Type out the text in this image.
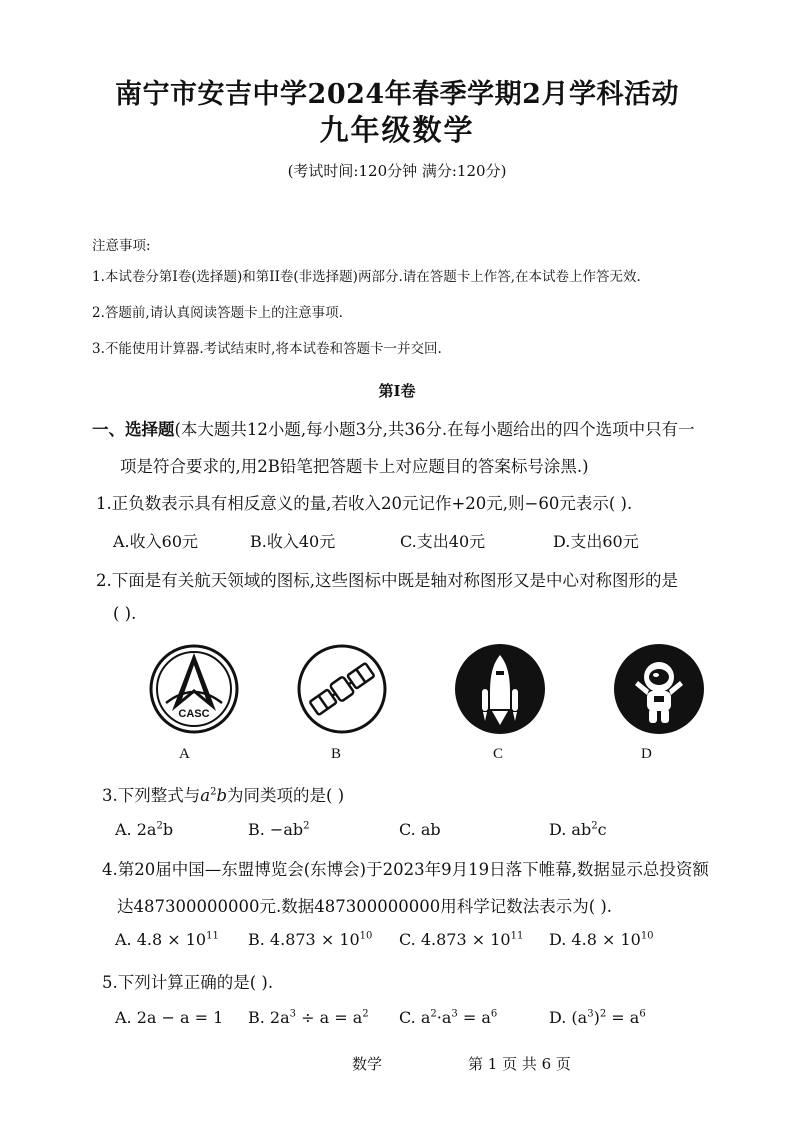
南宁市安吉中学2024年春季学期2月学科活动
九年级数学
(考试时间:120分钟 满分:120分)
注意事项:
1.本试卷分第Ⅰ卷(选择题)和第ⅠⅠ卷(非选择题)两部分.请在答题卡上作答,在本试卷上作答无效.
2.答题前,请认真阅读答题卡上的注意事项.
3.不能使用计算器.考试结束时,将本试卷和答题卡一并交回.
第Ⅰ卷
一、选择题(本大题共12小题,每小题3分,共36分.在每小题给出的四个选项中只有一
项是符合要求的,用2B铅笔把答题卡上对应题目的答案标号涂黑.)
1.正负数表示具有相反意义的量,若收入20元记作+20元,则−60元表示( ).
A.收入60元	B.收入40元	C.支出40元	D.支出60元
2.下面是有关航天领域的图标,这些图标中既是轴对称图形又是中心对称图形的是
( ).
CASC
A	B	C	D
3.下列整式与$a^2b$为同类项的是( )
A. $2a^2b$	B. $-ab^2$	C. ab	D. $ab^2c$
4.第20届中国—东盟博览会(东博会)于2023年9月19日落下帷幕,数据显示总投资额
达487300000000元.数据487300000000用科学记数法表示为( ).
A. $4.8 \times 10^{11}$ B. $4.873 \times 10^{10}$ C. $4.873 \times 10^{11}$ D. $4.8 \times 10^{10}$
5.下列计算正确的是( ).
A. 2a − a = 1 B. $2a^3 \div a = a^2$ C. $a^2\cdot a^3 = a^6$	D. $(a^3)^2 = a^6$
数学	第 1 页 共 6 页
